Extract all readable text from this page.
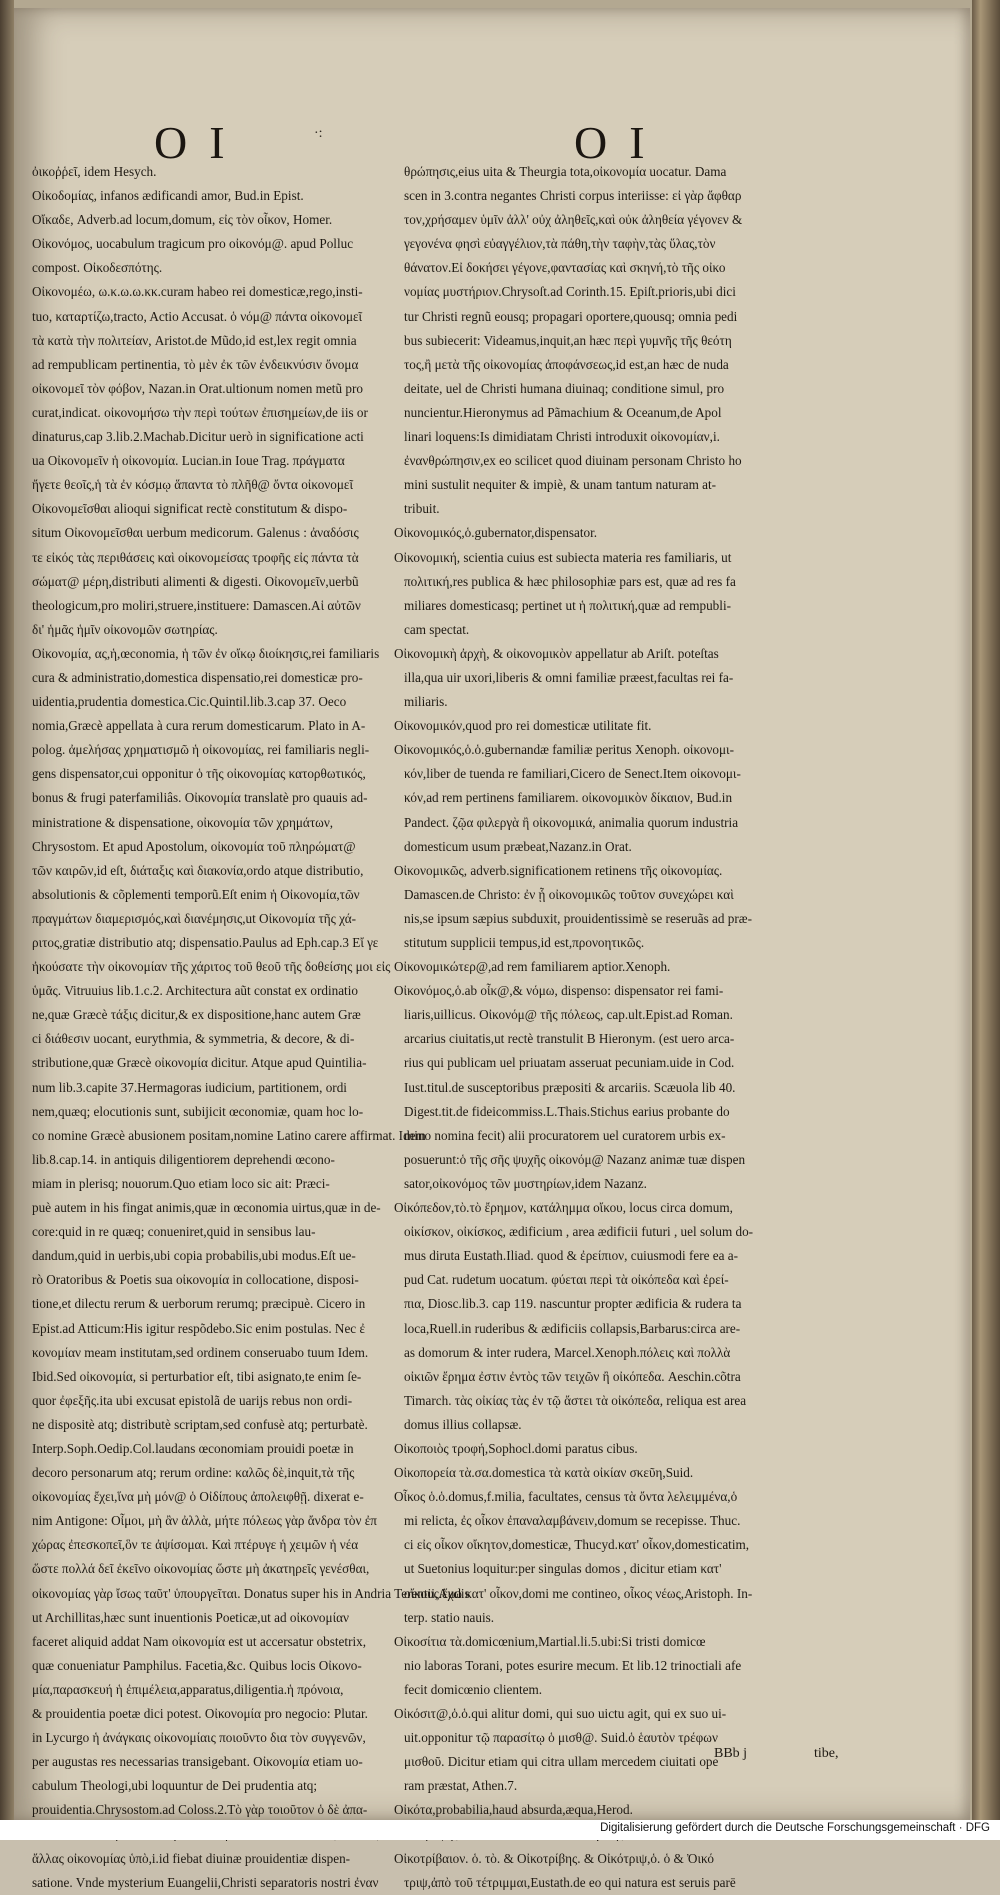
OI	·:	OI

ὀικοῤῥεῖ, idem Hesych.

Οἰκοδομίας, infanos ædificandi amor, Bud.in Epist.

Οἴκαδε, Adverb.ad locum,domum, εἰς τὸν οἶκον, Homer.

Οἰκονόμος, uocabulum tragicum pro οἰκονόμ@. apud Polluc

compost. Οἰκοδεσπότης.

Οἰκονομέω, ω.κ.ω.ω.κκ.curam habeo rei domesticæ,rego,insti-

tuo, καταρτίζω,tracto, Actio Accusat. ὁ νόμ@ πάντα οἰκονομεῖ

τὰ κατὰ τὴν πολιτείαν, Aristot.de Mũdo,id est,lex regit omnia

ad rempublicam pertinentia, τὸ μὲν ἐκ τῶν ἐνδεικνύσιν ὄνομα

οἰκονομεῖ τὸν φόβον, Nazan.in Orat.ultionum nomen metũ pro

curat,indicat. οἰκονομήσω τὴν περὶ τούτων ἐπισημείων,de iis or

dinaturus,cap 3.lib.2.Machab.Dicitur uerò in significatione acti

ua Οἰκονομεῖν ἡ οἰκονομία. Lucian.in Ioue Trag. πράγματα

ἤγετε θεοῖς,ἡ τὰ ἐν κόσμῳ ἅπαντα τὸ πλῆθ@ ὄντα οἰκονομεῖ

Οἰκονομεῖσθαι alioqui significat rectè constitutum & dispo-

situm Οἰκονομεῖσθαι uerbum medicorum. Galenus : ἀναδόσις

τε εἰκός τὰς περιθάσεις καὶ οἰκονομείσας τροφῆς εἰς πάντα τὰ

σώματ@ μέρη,distributi alimenti & digesti. Οἰκονομεῖν,uerbũ

theologicum,pro moliri,struere,instituere: Damascen.Αἱ αὐτῶν

δι' ἡμᾶς ἡμῖν οἰκονομῶν σωτηρίας.

Οἰκονομία, ας,ἡ,œconomia, ἡ τῶν ἐν οἴκῳ διοίκησις,rei familiaris

cura & administratio,domestica dispensatio,rei domesticæ pro-

uidentia,prudentia domestica.Cic.Quintil.lib.3.cap 37. Oeco

nomia,Græcè appellata à cura rerum domesticarum. Plato in A-

polog. ἀμελήσας χρηματισμῶ ἡ οἰκονομίας, rei familiaris negli-

gens dispensator,cui opponitur ὁ τῆς οἰκονομίας κατορθωτικός,

bonus & frugi paterfamiliâs. Οἰκονομία translatè pro quauis ad-

ministratione & dispensatione, οἰκονομία τῶν χρημάτων,

Chrysostom. Et apud Apostolum, οἰκονομία τοῦ πληρώματ@

τῶν καιρῶν,id eſt, διάταξις καὶ διακονία,ordo atque distributio,

absolutionis & cõplementi temporũ.Eſt enim ἡ Οἰκονομία,τῶν

πραγμάτων διαμερισμός,καὶ διανέμησις,ut Οἰκονομία τῆς χά-

ριτος,gratiæ distributio atq; dispensatio.Paulus ad Eph.cap.3 Εἴ γε

ἠκούσατε τὴν οἰκονομίαν τῆς χάριτος τοῦ θεοῦ τῆς δοθείσης μοι εἰς

ὑμᾶς. Vitruuius lib.1.c.2. Architectura aũt constat ex ordinatio

ne,quæ Græcè τάξις dicitur,& ex dispositione,hanc autem Græ

ci διάθεσιν uocant, eurythmia, & symmetria, & decore, & di-

stributione,quæ Græcè οἰκονομία dicitur. Atque apud Quintilia-

num lib.3.capite 37.Hermagoras iudicium, partitionem, ordi

nem,quæq; elocutionis sunt, subijicit œconomiæ, quam hoc lo-

co nomine Græcè abusionem positam,nomine Latino carere affirmat. Idem

lib.8.cap.14. in antiquis diligentiorem deprehendi œcono-

miam in plerisq; nouorum.Quo etiam loco sic ait: Præci-

puè autem in his fingat animis,quæ in œconomia uirtus,quæ in de-

core:quid in re quæq; conueniret,quid in sensibus lau-

dandum,quid in uerbis,ubi copia probabilis,ubi modus.Eſt ue-

rò Oratoribus & Poetis sua οἰκονομία in collocatione, disposi-

tione,et dilectu rerum & uerborum rerumq; præcipuè. Cicero in

Epist.ad Atticum:His igitur respõdebo.Sic enim postulas. Nec ἐ

κονομίαν meam institutam,sed ordinem conseruabo tuum Idem.

Ibid.Sed οἰκονομία, si perturbatior eſt, tibi asignato,te enim ſe-

quor ἐφεξῆς.ita ubi excusat epistolã de uarijs rebus non ordi-

ne dispositè atq; distributè scriptam,sed confusè atq; perturbatè.

Interp.Soph.Oedip.Col.laudans œconomiam prouidi poetæ in

decoro personarum atq; rerum ordine: καλῶς δὲ,inquit,τὰ τῆς

οἰκονομίας ἔχει,ἵνα μὴ μόν@ ὁ Οἰδίπους ἀπολειφθῇ. dixerat e-

nim Antigone: Οἶμοι, μὴ ἂν ἀλλὰ, μήτε πόλεως γὰρ ἄνδρα τὸν ἐπ

χώρας ἐπεσκοπεῖ,ὃν τε ἀψίσομαι. Καὶ πτέρυγε ἡ χειμῶν ἡ νέα

ὥστε πολλά δεῖ ἐκεῖνο οἰκονομίας ὥστε μὴ ἀκατηρεῖς γενέσθαι,

οἰκονομίας γὰρ ἴσως ταῦτ' ὑπουργεῖται. Donatus super his in Andria Terentii,Audis

ut Archillitas,hæc sunt inuentionis Poeticæ,ut ad οἰκονομίαν

faceret aliquid addat Nam οἰκονομία est ut accersatur obstetrix,

quæ conueniatur Pamphilus. Facetia,&c. Quibus locis Οἰκονο-

μία,παρασκευή ἡ ἐπιμέλεια,apparatus,diligentia.ἡ πρόνοια,

& prouidentia poetæ dici potest. Οἰκονομία pro negocio: Plutar.

in Lycurgo ἡ ἀνάγκαις οἰκονομίαις ποιοῦντο δια τὸν συγγενῶν,

per augustas res necessarias transigebant. Οἰκονομία etiam uo-

cabulum Theologi,ubi loquuntur de Dei prudentia atq;

prouidentia.Chrysostom.ad Coloss.2.Τὸ γὰρ τοιοῦτον ὁ δὲ ἀπα-

ἄλλας οἰκονομίας ὑπὸ,i.id fiebat diuinæ prouidentiæ dispen-

satione. Vnde mysterium Euangelii,Christi separatoris nostri ἐναν

θρώπησις,eius uita & Theurgia tota,οἰκονομία uocatur. Dama

scen in 3.contra negantes Christi corpus interiisse: εἰ γὰρ ἄφθαρ

τον,χρήσαμεν ὑμῖν ἀλλ' οὐχ ἀληθεῖς,καὶ οὐκ ἀληθεία γέγονεν &

γεγονένα φησὶ εὐαγγέλιον,τὰ πάθη,τὴν ταφὴν,τὰς ὕλας,τὸν

θάνατον.Εἰ δοκήσει γέγονε,φαντασίας καὶ σκηνή,τὸ τῆς οἰκο

νομίας μυστήριον.Chrysoſt.ad Corinth.15. Epiſt.prioris,ubi dici

tur Christi regnũ eousq; propagari oportere,quousq; omnia pedi

bus subiecerit: Videamus,inquit,an hæc περὶ γυμνῆς τῆς θεότη

τος,ἢ μετὰ τῆς οἰκονομίας ἀποφάνσεως,id est,an hæc de nuda

deitate, uel de Christi humana diuinaq; conditione simul, pro

nuncientur.Hieronymus ad Pãmachium & Oceanum,de Apol

linari loquens:Is dimidiatam Christi introduxit οἰκονομίαν,i.

ἐνανθρώπησιν,ex eo scilicet quod diuinam personam Christo ho

mini sustulit nequiter & impiè, & unam tantum naturam at-

tribuit.

Οἰκονομικός,ὁ.gubernator,dispensator.

Οἰκονομική, scientia cuius est subiecta materia res familiaris, ut

πολιτική,res publica & hæc philosophiæ pars est, quæ ad res fa

miliares domesticasq; pertinet ut ἡ πολιτική,quæ ad rempubli-

cam spectat.

Οἰκονομικὴ ἀρχὴ, & οἰκονομικὸν appellatur ab Ariſt. poteſtas

illa,qua uir uxori,liberis & omni familiæ præest,facultas rei fa-

miliaris.

Οἰκονομικόν,quod pro rei domesticæ utilitate fit.

Οἰκονομικός,ὁ.ὁ.gubernandæ familiæ peritus Xenoph. οἰκονομι-

κόν,liber de tuenda re familiari,Cicero de Senect.Item οἰκονομι-

κόν,ad rem pertinens familiarem. οἰκονομικὸν δίκαιον, Bud.in

Pandect. ζῷα φιλεργὰ ἢ οἰκονομικά, animalia quorum industria

domesticum usum præbeat,Nazanz.in Orat.

Οἰκονομικῶς, adverb.significationem retinens τῆς οἰκονομίας.

Damascen.de Christo: ἐν ᾗ οἰκονομικῶς τοῦτον συνεχώρει καὶ

nis,se ipsum sæpius subduxit, prouidentissimè se reseruãs ad præ-

stitutum supplicii tempus,id est,προνοητικῶς.

Οἰκονομικώτερ@,ad rem familiarem aptior.Xenoph.

Οἰκονόμος,ὁ.ab οἶκ@,& νόμω, dispenso: dispensator rei fami-

liaris,uillicus. Οἰκονόμ@ τῆς πόλεως, cap.ult.Epist.ad Roman.

arcarius ciuitatis,ut rectè transtulit B Hieronym. (est uero arca-

rius qui publicam uel priuatam asseruat pecuniam.uide in Cod.

Iust.titul.de susceptoribus præpositi & arcariis. Scæuola lib 40.

Digest.tit.de fideicommiss.L.Thais.Stichus earius probante do

mino nomina fecit) alii procuratorem uel curatorem urbis ex-

posuerunt:ὁ τῆς σῆς ψυχῆς οἰκονόμ@ Nazanz animæ tuæ dispen

sator,οἰκονόμος τῶν μυστηρίων,idem Nazanz.

Οἰκόπεδον,τὸ.τὸ ἔρημον, κατάλημμα οἴκου, locus circa domum,

οἰκίσκον, οἰκίσκος, ædificium , area ædificii futuri , uel solum do-

mus diruta Eustath.Iliad. quod & ἐρείπιον, cuiusmodi fere ea a-

pud Cat. rudetum uocatum. φύεται περὶ τὰ οἰκόπεδα καὶ ἐρεί-

πια, Diosc.lib.3. cap 119. nascuntur propter ædificia & rudera ta

loca,Ruell.in ruderibus & ædificiis collapsis,Barbarus:circa are-

as domorum & inter rudera, Marcel.Xenoph.πόλεις καὶ πολλὰ

οἰκιῶν ἔρημα ἐστιν ἐντὸς τῶν τειχῶν ἢ οἰκόπεδα. Aeschin.cõtra

Timarch. τὰς οἰκίας τὰς ἐν τῷ ἄστει τὰ οἰκόπεδα, reliqua est area

domus illius collapsæ.

Οἰκοποιὸς τροφή,Sophocl.domi paratus cibus.

Οἰκοπορεία τὰ.σα.domestica τὰ κατὰ οἰκίαν σκεῦη,Suid.

Οἶκος ὁ.ὁ.domus,f.milia, facultates, census τὰ ὄντα λελειμμένα,ὁ

mi relicta, ἐς οἶκον ἐπαναλαμβάνειν,domum se recepisse. Thuc.

ci εἰς οἶκον οἴκητον,domesticæ, Thucyd.κατ' οἶκον,domesticatim,

ut Suetonius loquitur:per singulas domos , dicitur etiam κατ'

οἴκους.ἔχω κατ' οἶκον,domi me contineo, οἶκος νέως,Aristoph. In-

terp. statio nauis.

Οἰκοσίτια τὰ.domicœnium,Martial.li.5.ubi:Si tristi domicœ

nio laboras Torani, potes esurire mecum. Et lib.12 trinoctiali afe

fecit domicœnio clientem.

Οἰκόσιτ@,ὁ.ὁ.qui alitur domi, qui suo uictu agit, qui ex suo ui-

uit.opponitur τῷ παρασίτῳ ὁ μισθ@. Suid.ὁ ἑαυτὸν τρέφων

μισθοῦ. Dicitur etiam qui citra ullam mercedem ciuitati ope

ram præstat, Athen.7.

Οἰκότα,probabilia,haud absurda,æqua,Herod.

Οἰκοτρίβαιον. ὁ. τὸ. & Οἰκοτρίβης. & Οἰκότριψ,ὁ. ὁ & Ὀικό

τριψ,ἀπὸ τοῦ τέτριμμαι,Eustath.de eo qui natura est seruis parē

BBb j	tibe,
Digitalisierung gefördert durch die Deutsche Forschungsgemeinschaft · DFG
